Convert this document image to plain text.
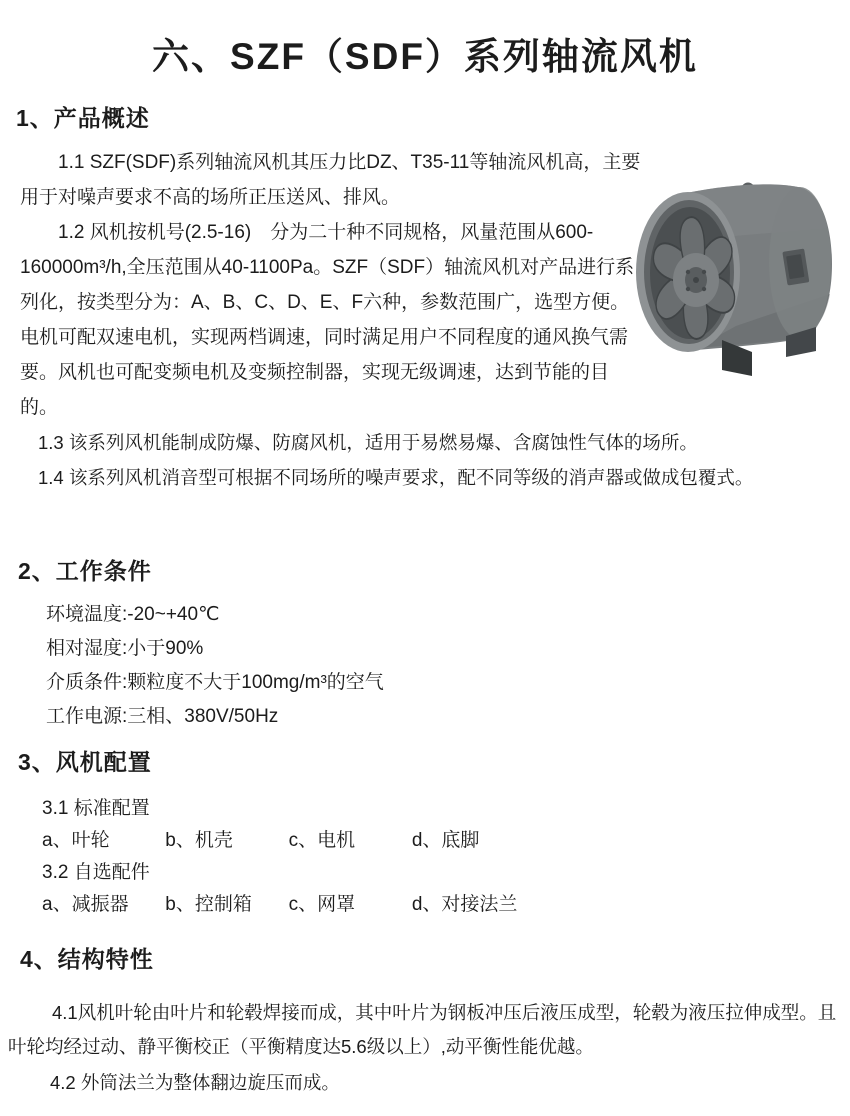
六、SZF（SDF）系列轴流风机
1、产品概述

1.1 SZF(SDF)系列轴流风机其压力比DZ、T35-11等轴流风机高，主要用于对噪声要求不高的场所正压送风、排风。

1.2 风机按机号(2.5-16)　分为二十种不同规格，风量范围从600-160000m³/h,全压范围从40-1100Pa。SZF（SDF）轴流风机对产品进行系列化，按类型分为：A、B、C、D、E、F六种，参数范围广，选型方便。电机可配双速电机，实现两档调速，同时满足用户不同程度的通风换气需要。风机也可配变频电机及变频控制器，实现无级调速，达到节能的目的。

1.3 该系列风机能制成防爆、防腐风机，适用于易燃易爆、含腐蚀性气体的场所。

1.4 该系列风机消音型可根据不同场所的噪声要求，配不同等级的消声器或做成包覆式。

2、工作条件

环境温度:-20~+40℃

相对湿度:小于90%

介质条件:颗粒度不大于100mg/m³的空气

工作电源:三相、380V/50Hz

3、风机配置

3.1 标准配置

a、叶轮	b、机壳	c、电机	d、底脚

3.2 自选配件

a、减振器 b、控制箱 c、网罩	d、对接法兰
4、结构特性

4.1风机叶轮由叶片和轮毂焊接而成，其中叶片为钢板冲压后液压成型，轮毂为液压拉伸成型。且叶轮均经过动、静平衡校正（平衡精度达5.6级以上）,动平衡性能优越。

4.2 外筒法兰为整体翻边旋压而成。
